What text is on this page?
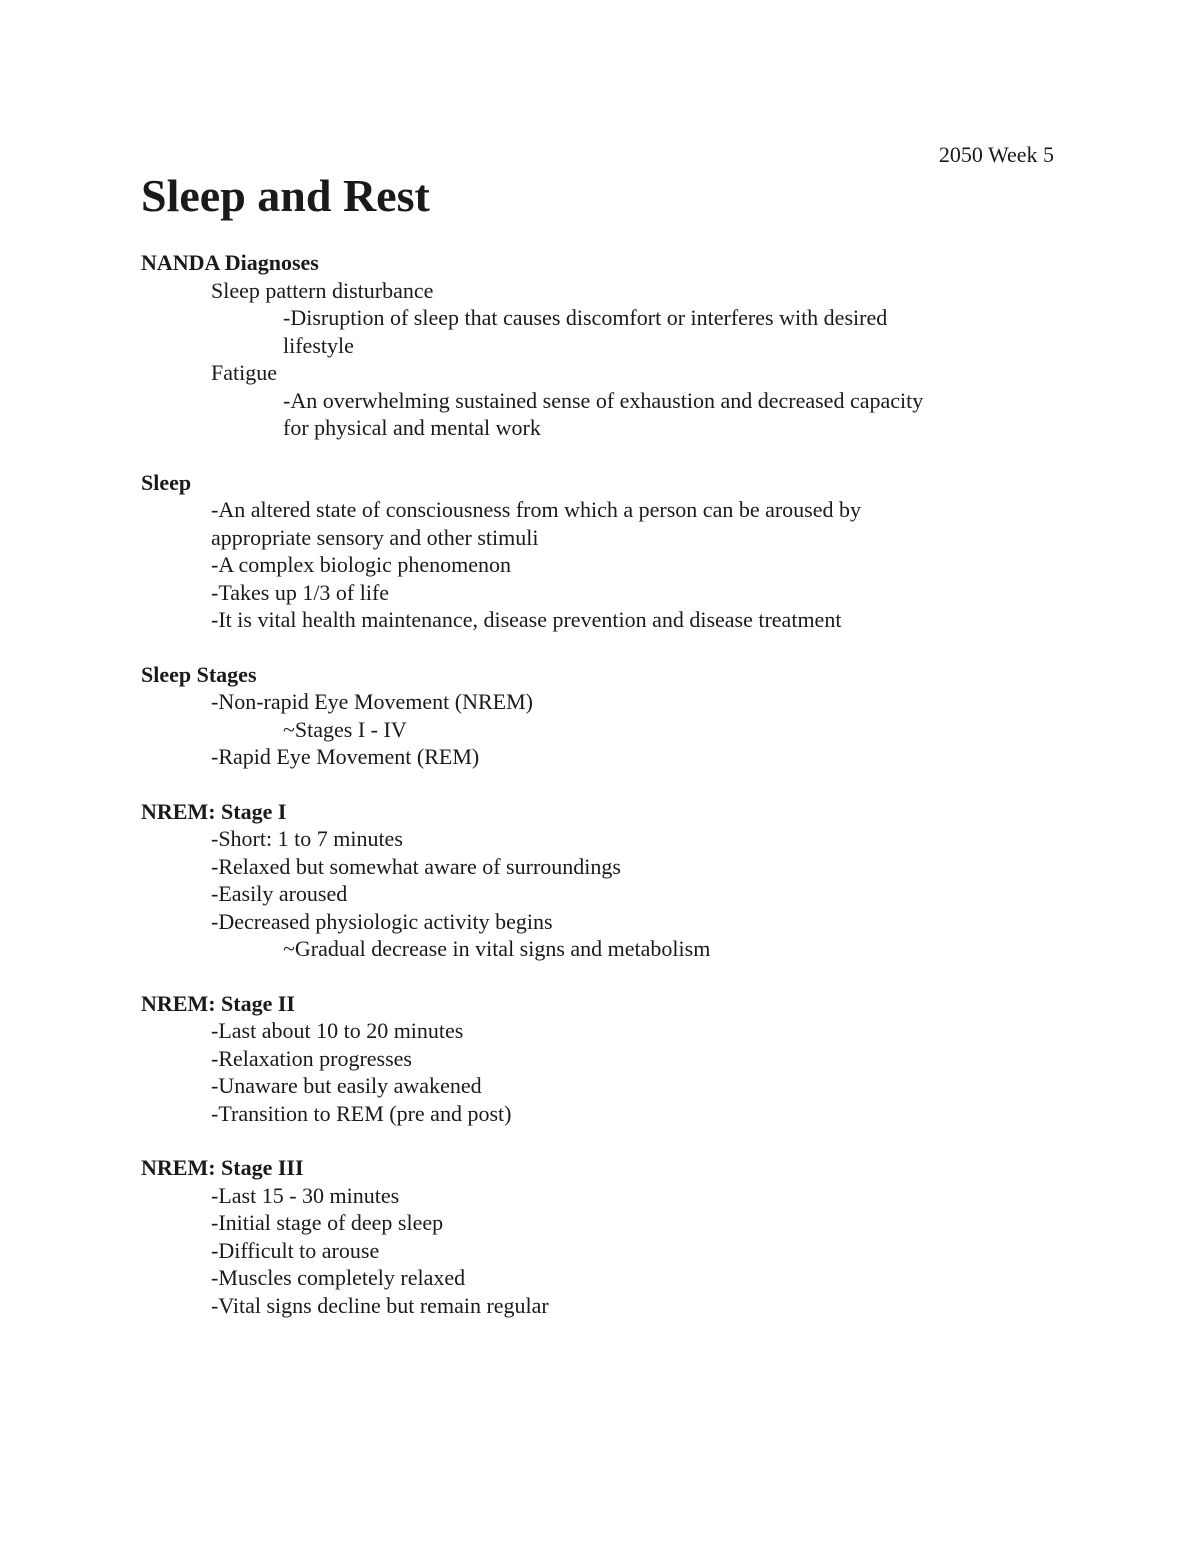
2050 Week 5
Sleep and Rest
NANDA Diagnoses
Sleep pattern disturbance
-Disruption of sleep that causes discomfort or interferes with desired
lifestyle
Fatigue
-An overwhelming sustained sense of exhaustion and decreased capacity
for physical and mental work
Sleep
-An altered state of consciousness from which a person can be aroused by
appropriate sensory and other stimuli
-A complex biologic phenomenon
-Takes up 1/3 of life
-It is vital health maintenance, disease prevention and disease treatment
Sleep Stages
-Non-rapid Eye Movement (NREM)
~Stages I - IV
-Rapid Eye Movement (REM)
NREM: Stage I
-Short: 1 to 7 minutes
-Relaxed but somewhat aware of surroundings
-Easily aroused
-Decreased physiologic activity begins
~Gradual decrease in vital signs and metabolism
NREM: Stage II
-Last about 10 to 20 minutes
-Relaxation progresses
-Unaware but easily awakened
-Transition to REM (pre and post)
NREM: Stage III
-Last 15 - 30 minutes
-Initial stage of deep sleep
-Difficult to arouse
-Muscles completely relaxed
-Vital signs decline but remain regular
